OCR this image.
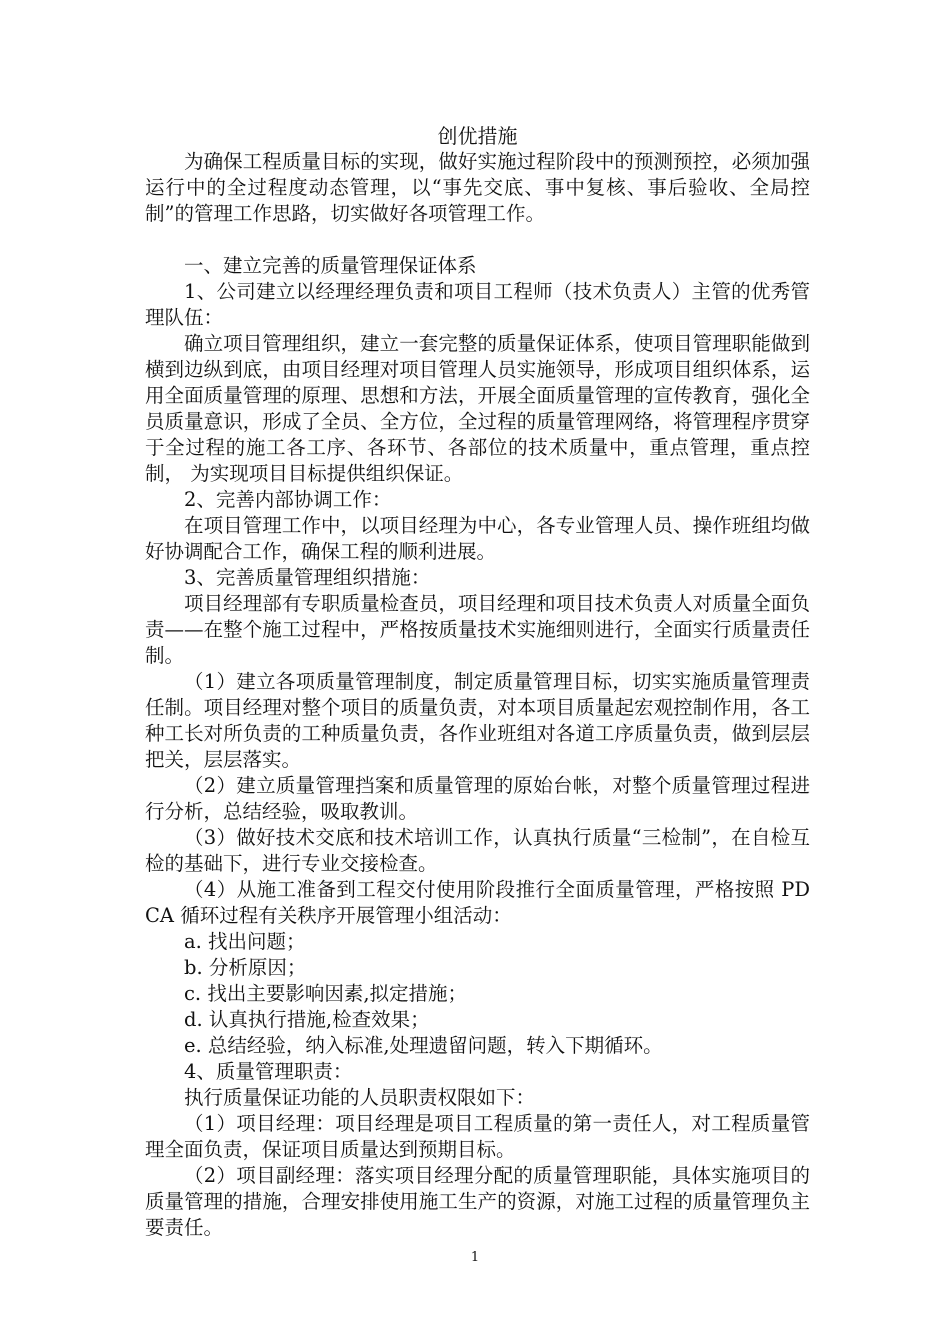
创优措施

为确保工程质量目标的实现，做好实施过程阶段中的预测预控，必须加强运行中的全过程度动态管理，以“事先交底、事中复核、事后验收、全局控制”的管理工作思路，切实做好各项管理工作。

一、建立完善的质量管理保证体系

1、公司建立以经理经理负责和项目工程师（技术负责人）主管的优秀管理队伍：

确立项目管理组织，建立一套完整的质量保证体系，使项目管理职能做到横到边纵到底，由项目经理对项目管理人员实施领导，形成项目组织体系，运用全面质量管理的原理、思想和方法，开展全面质量管理的宣传教育，强化全员质量意识，形成了全员、全方位，全过程的质量管理网络，将管理程序贯穿于全过程的施工各工序、各环节、各部位的技术质量中，重点管理，重点控制， 为实现项目目标提供组织保证。

2、完善内部协调工作：

在项目管理工作中，以项目经理为中心，各专业管理人员、操作班组均做好协调配合工作，确保工程的顺利进展。

3、完善质量管理组织措施：

项目经理部有专职质量检查员，项目经理和项目技术负责人对质量全面负责——在整个施工过程中，严格按质量技术实施细则进行，全面实行质量责任制。

（1）建立各项质量管理制度，制定质量管理目标，切实实施质量管理责任制。项目经理对整个项目的质量负责，对本项目质量起宏观控制作用，各工种工长对所负责的工种质量负责，各作业班组对各道工序质量负责，做到层层把关，层层落实。

（2）建立质量管理挡案和质量管理的原始台帐，对整个质量管理过程进行分析，总结经验，吸取教训。

（3）做好技术交底和技术培训工作，认真执行质量“三检制”，在自检互检的基础下，进行专业交接检查。

（4）从施工准备到工程交付使用阶段推行全面质量管理，严格按照 PDCA 循环过程有关秩序开展管理小组活动：

a. 找出问题；

b. 分析原因；

c. 找出主要影响因素,拟定措施；

d. 认真执行措施,检查效果；

e. 总结经验，纳入标准,处理遗留问题，转入下期循环。

4、质量管理职责：

执行质量保证功能的人员职责权限如下：

（1）项目经理：项目经理是项目工程质量的第一责任人，对工程质量管理全面负责，保证项目质量达到预期目标。

（2）项目副经理：落实项目经理分配的质量管理职能，具体实施项目的质量管理的措施，合理安排使用施工生产的资源，对施工过程的质量管理负主要责任。

1
